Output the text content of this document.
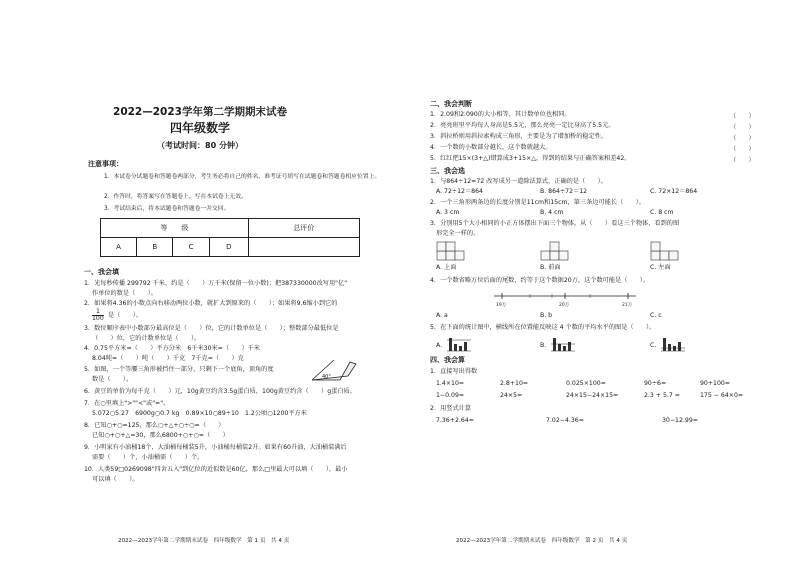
2022—2023学年第二学期期末试卷
四年级数学
（考试时间：80 分钟）
注意事项：
1．本试卷分试题卷和答题卷两部分，考生务必将自己的姓名、准考证号填写在试题卷和答题卷相应位置上。
2．作答时，将答案写在答题卷上，写在本试卷上无效。
3．考试结束后，将本试题卷和答题卷一并交回。
等　　级				总评价
A	B	C	D	
一、我会填
1．光每秒传播 299792 千米，约是（　　）万千米(保留一位小数)；把387330000改写用"亿"
作单位的数是（　　）。
2．如果将4.36的小数点向右移动两位小数，就扩大到原来的（　　）；如果将9.6缩小到它的
$\frac{1}{100}$ 是（　　）。
3．数位顺序表中小数部分最高位是（　　）位，它的计数单位是（　　）；整数部分最低位是
（　　）位，它的计数单位是（　　）。
4．0.75平方米=（　　）平方分米　6千米30米=（　　）千米
8.04吨=（　　）吨（　　）千克　7千克=（　　）克
5．如图，一个等腰三角形被挡住一部分，只剩下一个底角，顶角的度
数是（　　）。	40°
6．黄豆的单价为每千克（　　）元，10g黄豆约含3.5g蛋白质，100g黄豆约含（　　）g蛋白质。
7．在○里填上">""<"或"="。
5.072○5.27　6900g○0.7 kg　0.89×10○89÷10　1.2公顷○1200平方米
8．已知○+○=125，那么○+△+○÷○=（　　）
已知○+○+△=30，那么6800+○+○=（　　）
9．小明家有小油桶18个，大油桶每桶装5升，小油桶每桶装2升。如果有60升油，大油桶装满后
需要（　　）个，小油桶需（　　）个。
10．人类59□0269098"四舍五入"到亿位的近似数是60亿，那么□里最大可以填（　　），最小
可以填（　　）。
2022—2023学年第二学期期末试卷　四年级数学　第 1 页　共 4 页
二、我会判断
1．2.09和2.090的大小相等，其计数单位也相同。	（　　）
2．亮亮班里平均每人身高是5.5元，那么亮亮一定比身高了5.5元。	（　　）
3．斜拉桥则用斜拉索构成三角形，主要是为了增加桥的稳定性。	（　　）
4．一个数的小数部分越长，这个数就越大。	（　　）
5．红红把15×(3+△)错算成3+15×△，得到的结果与正确答案相差42。	（　　）
三、我会选
1．与864÷12=72 改写成另一道除法算式，正确的是（　　）。
A. 72÷12＝864	B. 864÷72＝12	C. 72×12＝864
2．一个三角形两条边的长度分别是11cm和15cm，第三条边可能长（　　）。
A. 3 cm	B. 4 cm	C. 8 cm
3．分别用5个大小相同的小正方体摆出下面三个物体，从（　　）看这三个物体，看到的图
形完全一样的。
A. 上面	B. 前面	C. 左面
4．一个数省略万位后面的尾数，约等于这个数据20万，这个数可能是（　　）。
19万	20万	21万
A. a	B. b	C. c
5．在下面的统计图中，横线所在位置能反映这 4 个数的平均水平的图是（　　）。
A.	B.	C.
四、我会算
1．直接写出得数
1.4×10=	2.8+10=	0.025×100=	90÷6=	90+100=
1−0.09=	24×5=	24×15−24×15=	2.3 + 5.7 =	175 − 64×0=
2．用竖式计算
7.36+2.64=	7.02−4.36=	30−12.99=
2022—2023学年第二学期期末试卷　四年级数学　第 2 页　共 4 页
